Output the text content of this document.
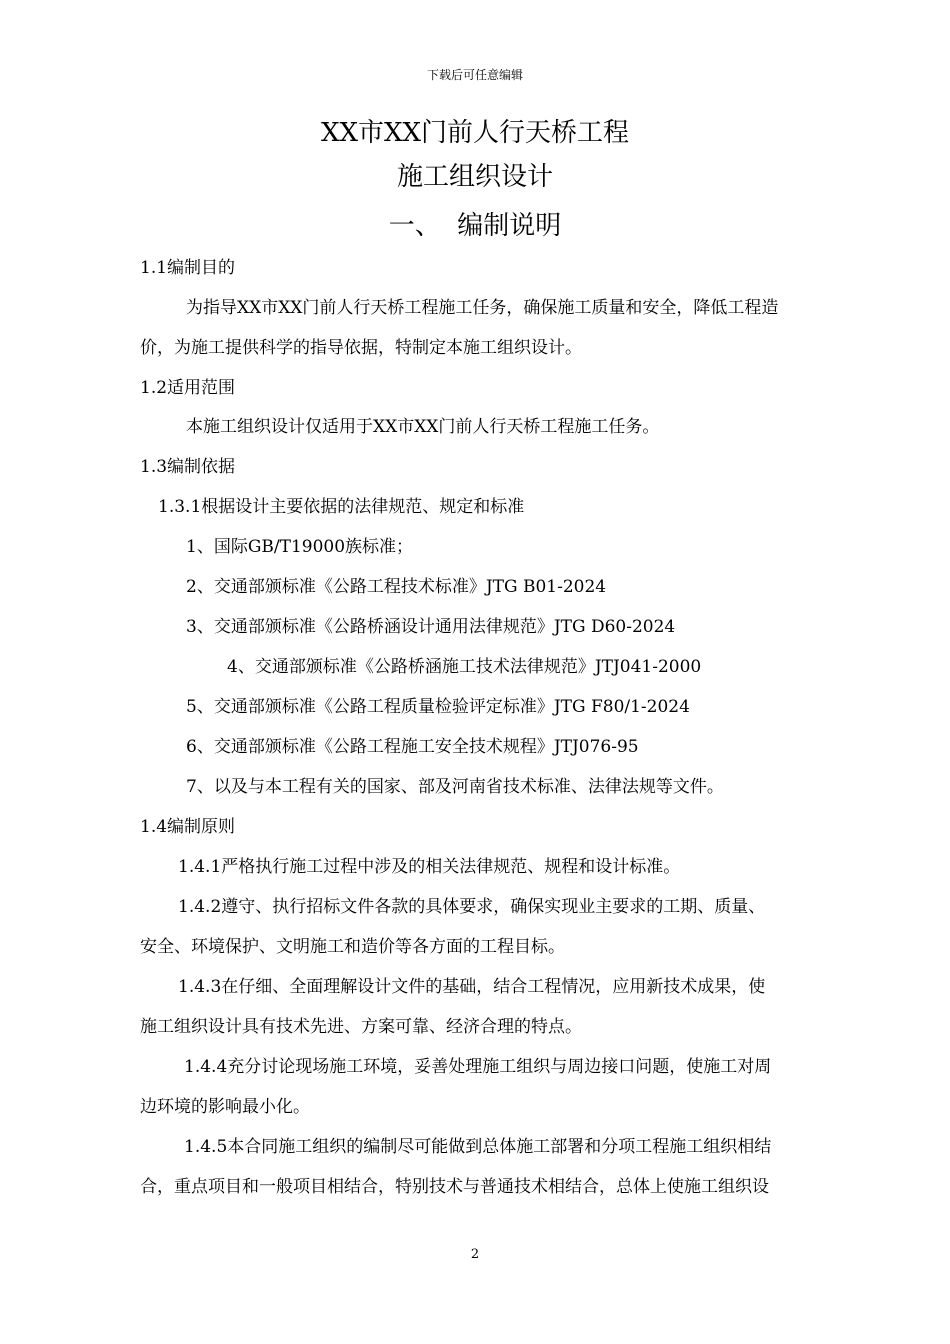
下载后可任意编辑
XX市XX门前人行天桥工程
施工组织设计
一、  编制说明
1.1编制目的
为指导XX市XX门前人行天桥工程施工任务，确保施工质量和安全，降低工程造
价，为施工提供科学的指导依据，特制定本施工组织设计。
1.2适用范围
本施工组织设计仅适用于XX市XX门前人行天桥工程施工任务。
1.3编制依据
1.3.1根据设计主要依据的法律规范、规定和标准
1、国际GB/T19000族标准；
2、交通部颁标准《公路工程技术标准》JTG B01-2024
3、交通部颁标准《公路桥涵设计通用法律规范》JTG D60-2024
4、交通部颁标准《公路桥涵施工技术法律规范》JTJ041-2000
5、交通部颁标准《公路工程质量检验评定标准》JTG F80/1-2024
6、交通部颁标准《公路工程施工安全技术规程》JTJ076-95
7、以及与本工程有关的国家、部及河南省技术标准、法律法规等文件。
1.4编制原则
1.4.1严格执行施工过程中涉及的相关法律规范、规程和设计标准。
1.4.2遵守、执行招标文件各款的具体要求，确保实现业主要求的工期、质量、
安全、环境保护、文明施工和造价等各方面的工程目标。
1.4.3在仔细、全面理解设计文件的基础，结合工程情况，应用新技术成果，使
施工组织设计具有技术先进、方案可靠、经济合理的特点。
1.4.4充分讨论现场施工环境，妥善处理施工组织与周边接口问题，使施工对周
边环境的影响最小化。
1.4.5本合同施工组织的编制尽可能做到总体施工部署和分项工程施工组织相结
合，重点项目和一般项目相结合，特别技术与普通技术相结合，总体上使施工组织设
2
